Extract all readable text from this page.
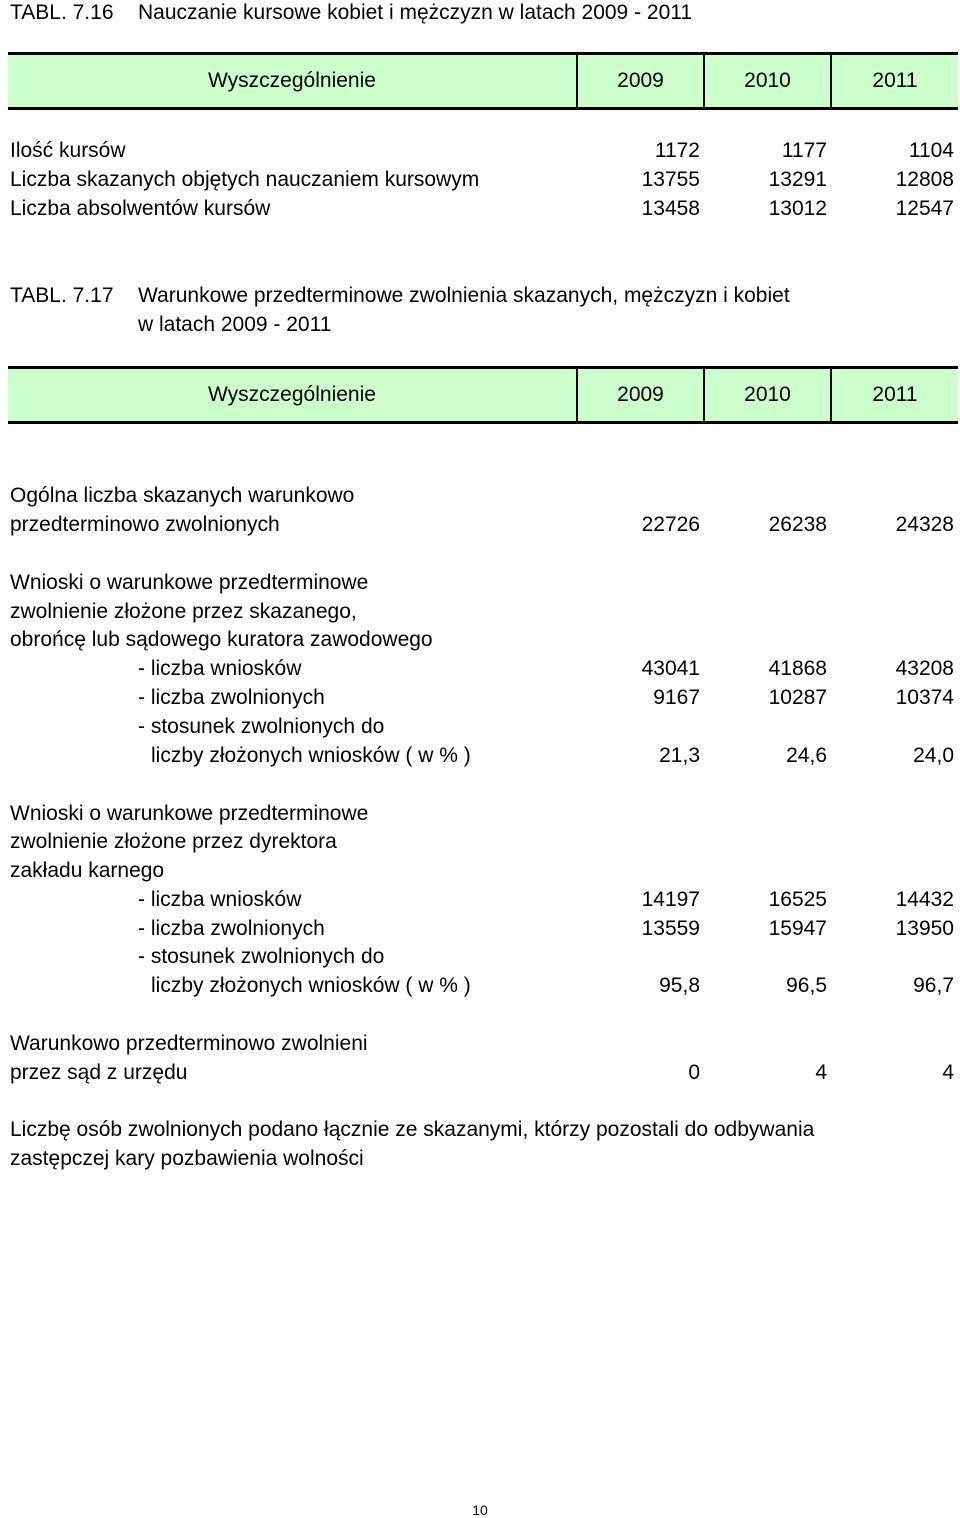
TABL. 7.16 Nauczanie kursowe kobiet i mężczyzn w latach 2009 - 2011
Wyszczególnienie	2009	2010	2011
Ilość kursów	1172	1177	1104
Liczba skazanych objętych nauczaniem kursowym	13755	13291	12808
Liczba absolwentów kursów	13458	13012	12547
TABL. 7.17 Warunkowe przedterminowe zwolnienia skazanych, mężczyzn i kobiet
w latach 2009 - 2011
Wyszczególnienie	2009	2010	2011
Ogólna liczba skazanych warunkowo
przedterminowo zwolnionych	22726	26238	24328
Wnioski o warunkowe przedterminowe
zwolnienie złożone przez skazanego,
obrońcę lub sądowego kuratora zawodowego
- liczba wniosków	43041	41868	43208
- liczba zwolnionych	9167	10287	10374
- stosunek zwolnionych do
liczby złożonych wniosków ( w % )	21,3	24,6	24,0
Wnioski o warunkowe przedterminowe
zwolnienie złożone przez dyrektora
zakładu karnego
- liczba wniosków	14197	16525	14432
- liczba zwolnionych	13559	15947	13950
- stosunek zwolnionych do
liczby złożonych wniosków ( w % )	95,8	96,5	96,7
Warunkowo przedterminowo zwolnieni
przez sąd z urzędu	0	4	4
Liczbę osób zwolnionych podano łącznie ze skazanymi, którzy pozostali do odbywania
zastępczej kary pozbawienia wolności
10
